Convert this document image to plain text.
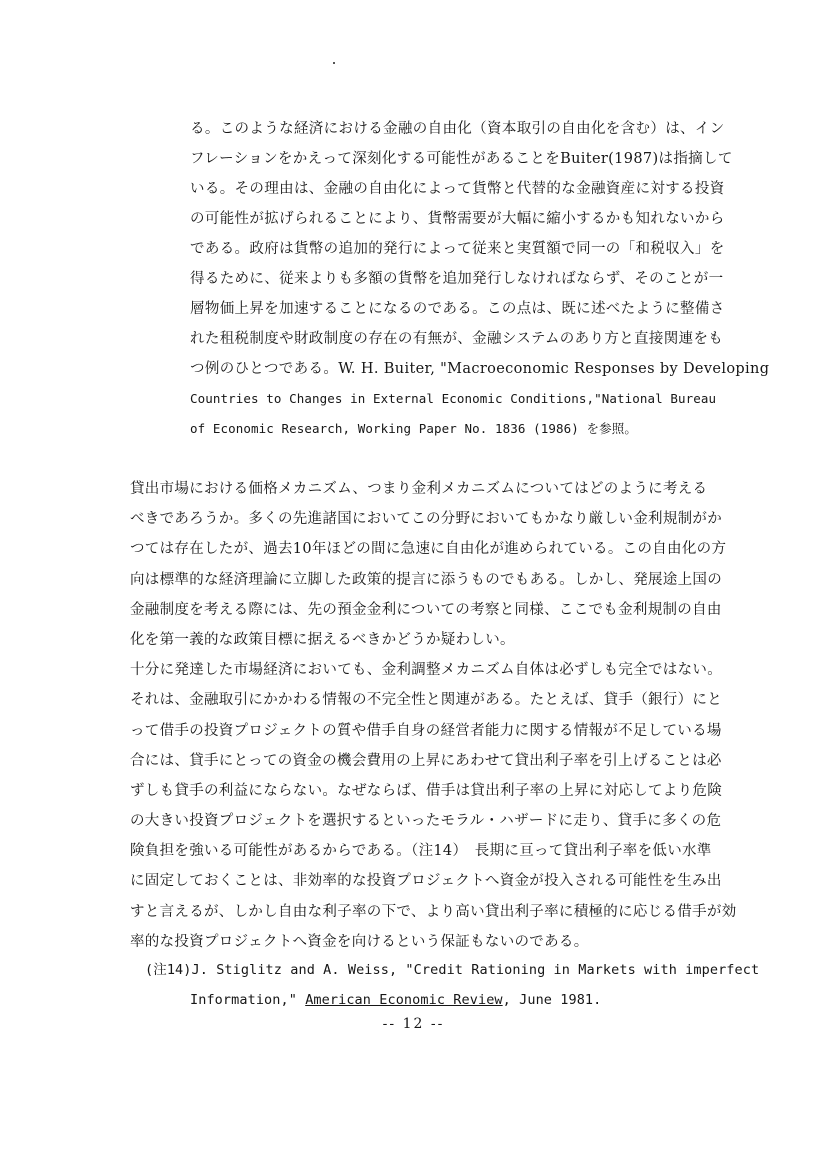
る。このような経済における金融の自由化（資本取引の自由化を含む）は、イン
フレーションをかえって深刻化する可能性があることをBuiter(1987)は指摘して
いる。その理由は、金融の自由化によって貨幣と代替的な金融資産に対する投資
の可能性が拡げられることにより、貨幣需要が大幅に縮小するかも知れないから
である。政府は貨幣の追加的発行によって従来と実質額で同一の「和税収入」を
得るために、従来よりも多額の貨幣を追加発行しなければならず、そのことが一
層物価上昇を加速することになるのである。この点は、既に述べたように整備さ
れた租税制度や財政制度の存在の有無が、金融システムのあり方と直接関連をも
つ例のひとつである。W. H. Buiter, "Macroeconomic Responses by Developing
Countries to Changes in External Economic Conditions,"National Bureau
of Economic Research, Working Paper No. 1836 (1986) を参照。
貸出市場における価格メカニズム、つまり金利メカニズムについてはどのように考える
べきであろうか。多くの先進諸国においてこの分野においてもかなり厳しい金利規制がか
つては存在したが、過去10年ほどの間に急速に自由化が進められている。この自由化の方
向は標準的な経済理論に立脚した政策的提言に添うものでもある。しかし、発展途上国の
金融制度を考える際には、先の預金金利についての考察と同様、ここでも金利規制の自由
化を第一義的な政策目標に据えるべきかどうか疑わしい。
十分に発達した市場経済においても、金利調整メカニズム自体は必ずしも完全ではない。
それは、金融取引にかかわる情報の不完全性と関連がある。たとえば、貸手（銀行）にと
って借手の投資プロジェクトの質や借手自身の経営者能力に関する情報が不足している場
合には、貸手にとっての資金の機会費用の上昇にあわせて貸出利子率を引上げることは必
ずしも貸手の利益にならない。なぜならば、借手は貸出利子率の上昇に対応してより危険
の大きい投資プロジェクトを選択するといったモラル・ハザードに走り、貸手に多くの危
険負担を強いる可能性があるからである。（注14）　長期に亘って貸出利子率を低い水準
に固定しておくことは、非効率的な投資プロジェクトへ資金が投入される可能性を生み出
すと言えるが、しかし自由な利子率の下で、より高い貸出利子率に積極的に応じる借手が効
率的な投資プロジェクトへ資金を向けるという保証もないのである。
(注14)J. Stiglitz and A. Weiss, "Credit Rationing in Markets with imperfect
Information," American Economic Review, June 1981.
-- 12 --
